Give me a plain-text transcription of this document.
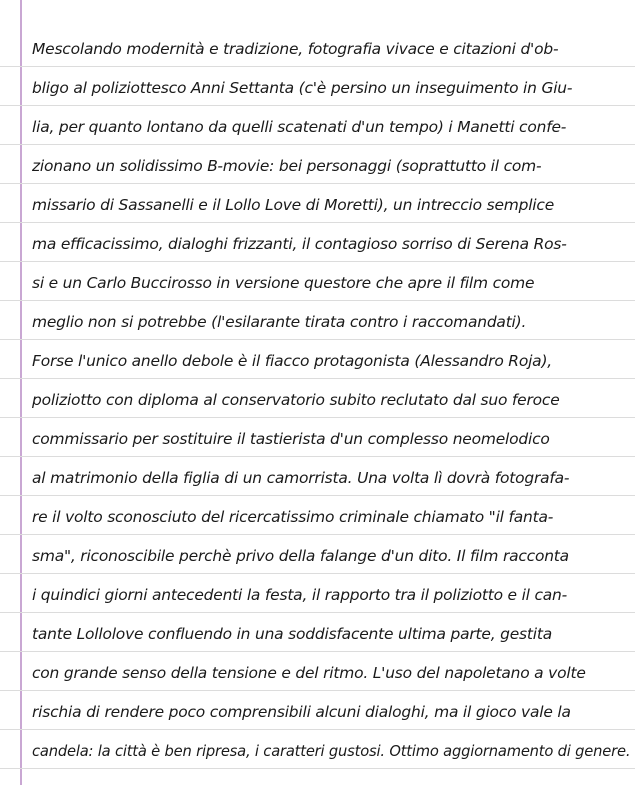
Mescolando modernità e tradizione, fotografia vivace e citazioni d'ob-
bligo al poliziottesco Anni Settanta (c'è persino un inseguimento in Giu-
lia, per quanto lontano da quelli scatenati d'un tempo) i Manetti confe-
zionano un solidissimo B-movie: bei personaggi (soprattutto il com-
missario di Sassanelli e il Lollo Love di Moretti), un intreccio semplice
ma efficacissimo, dialoghi frizzanti, il contagioso sorriso di Serena Ros-
si e un Carlo Buccirosso in versione questore che apre il film come
meglio non si potrebbe (l'esilarante tirata contro i raccomandati).
Forse l'unico anello debole è il fiacco protagonista (Alessandro Roja),
poliziotto con diploma al conservatorio subito reclutato dal suo feroce
commissario per sostituire il tastierista d'un complesso neomelodico
al matrimonio della figlia di un camorrista. Una volta lì dovrà fotografa-
re il volto sconosciuto del ricercatissimo criminale chiamato "il fanta-
sma", riconoscibile perchè privo della falange d'un dito. Il film racconta
i quindici giorni antecedenti la festa, il rapporto tra il poliziotto e il can-
tante Lollolove confluendo in una soddisfacente ultima parte, gestita
con grande senso della tensione e del ritmo. L'uso del napoletano a volte
rischia di rendere poco comprensibili alcuni dialoghi, ma il gioco vale la
candela: la città è ben ripresa, i caratteri gustosi. Ottimo aggiornamento di genere.
